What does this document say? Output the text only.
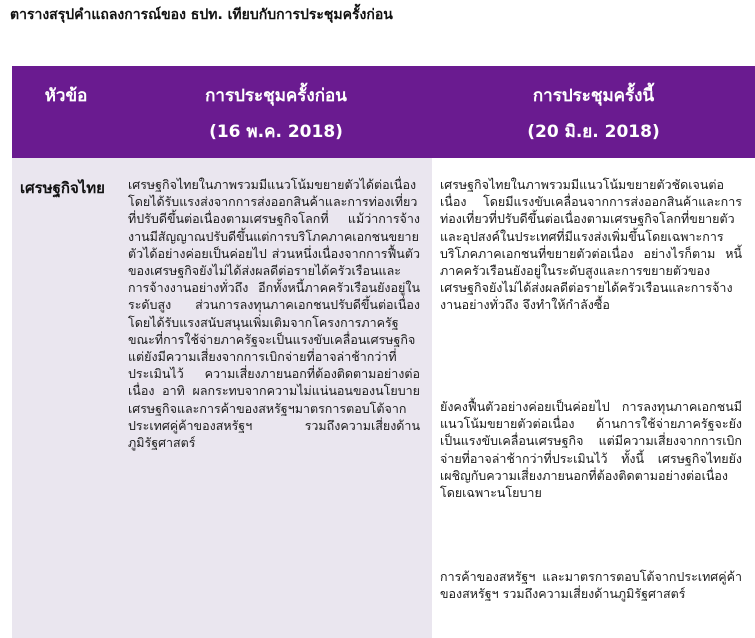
ตารางสรุปคำแถลงการณ์ของ ธปท. เทียบกับการประชุมครั้งก่อน
หัวข้อ	การประชุมครั้งก่อน
(16 พ.ค. 2018)
การประชุมครั้งนี้
(20 มิ.ย. 2018)
เศรษฐกิจไทย	เศรษฐกิจไทยในภาพรวมมีแนวโน้มขยายตัวได้ต่อเนื่อง โดยได้รับแรงส่งจากการส่งออกสินค้าและการท่องเที่ยวที่ปรับดีขึ้นต่อเนื่องตามเศรษฐกิจโลกที่ แม้ว่าการจ้างงานมีสัญญาณปรับดีขึ้นแต่การบริโภคภาคเอกชนขยายตัวได้อย่างค่อยเป็นค่อยไป ส่วนหนึ่งเนื่องจากการฟื้นตัวของเศรษฐกิจยังไม่ได้ส่งผลดีต่อรายได้ครัวเรือนและการจ้างงานอย่างทั่วถึง อีกทั้งหนี้ภาคครัวเรือนยังอยู่ในระดับสูง ส่วนการลงทุนภาคเอกชนปรับดีขึ้นต่อเนื่องโดยได้รับแรงสนับสนุนเพิ่มเติมจากโครงการภาครัฐ ขณะที่การใช้จ่ายภาครัฐจะเป็นแรงขับเคลื่อนเศรษฐกิจ แต่ยังมีความเสี่ยงจากการเบิกจ่ายที่อาจล่าช้ากว่าที่ประเมินไว้ ความเสี่ยงภายนอกที่ต้องติดตามอย่างต่อเนื่อง อาทิ ผลกระทบจากความไม่แน่นอนของนโยบายเศรษฐกิจและการค้าของสหรัฐฯมาตรการตอบโต้จากประเทศคู่ค้าของสหรัฐฯ รวมถึงความเสี่ยงด้านภูมิรัฐศาสตร์
เศรษฐกิจไทยในภาพรวมมีแนวโน้มขยายตัวชัดเจนต่อเนื่อง โดยมีแรงขับเคลื่อนจากการส่งออกสินค้าและการท่องเที่ยวที่ปรับดีขึ้นต่อเนื่องตามเศรษฐกิจโลกที่ขยายตัวและอุปสงค์ในประเทศที่มีแรงส่งเพิ่มขึ้นโดยเฉพาะการบริโภคภาคเอกชนที่ขยายตัวต่อเนื่อง อย่างไรก็ตาม หนี้ภาคครัวเรือนยังอยู่ในระดับสูงและการขยายตัวของเศรษฐกิจยังไม่ได้ส่งผลดีต่อรายได้ครัวเรือนและการจ้างงานอย่างทั่วถึง จึงทำให้กำลังซื้อ
ยังคงฟื้นตัวอย่างค่อยเป็นค่อยไป การลงทุนภาคเอกชนมีแนวโน้มขยายตัวต่อเนื่อง ด้านการใช้จ่ายภาครัฐจะยังเป็นแรงขับเคลื่อนเศรษฐกิจ แต่มีความเสี่ยงจากการเบิกจ่ายที่อาจล่าช้ากว่าที่ประเมินไว้ ทั้งนี้ เศรษฐกิจไทยยังเผชิญกับความเสี่ยงภายนอกที่ต้องติดตามอย่างต่อเนื่อง โดยเฉพาะนโยบาย
การค้าของสหรัฐฯ และมาตรการตอบโต้จากประเทศคู่ค้าของสหรัฐฯ รวมถึงความเสี่ยงด้านภูมิรัฐศาสตร์
